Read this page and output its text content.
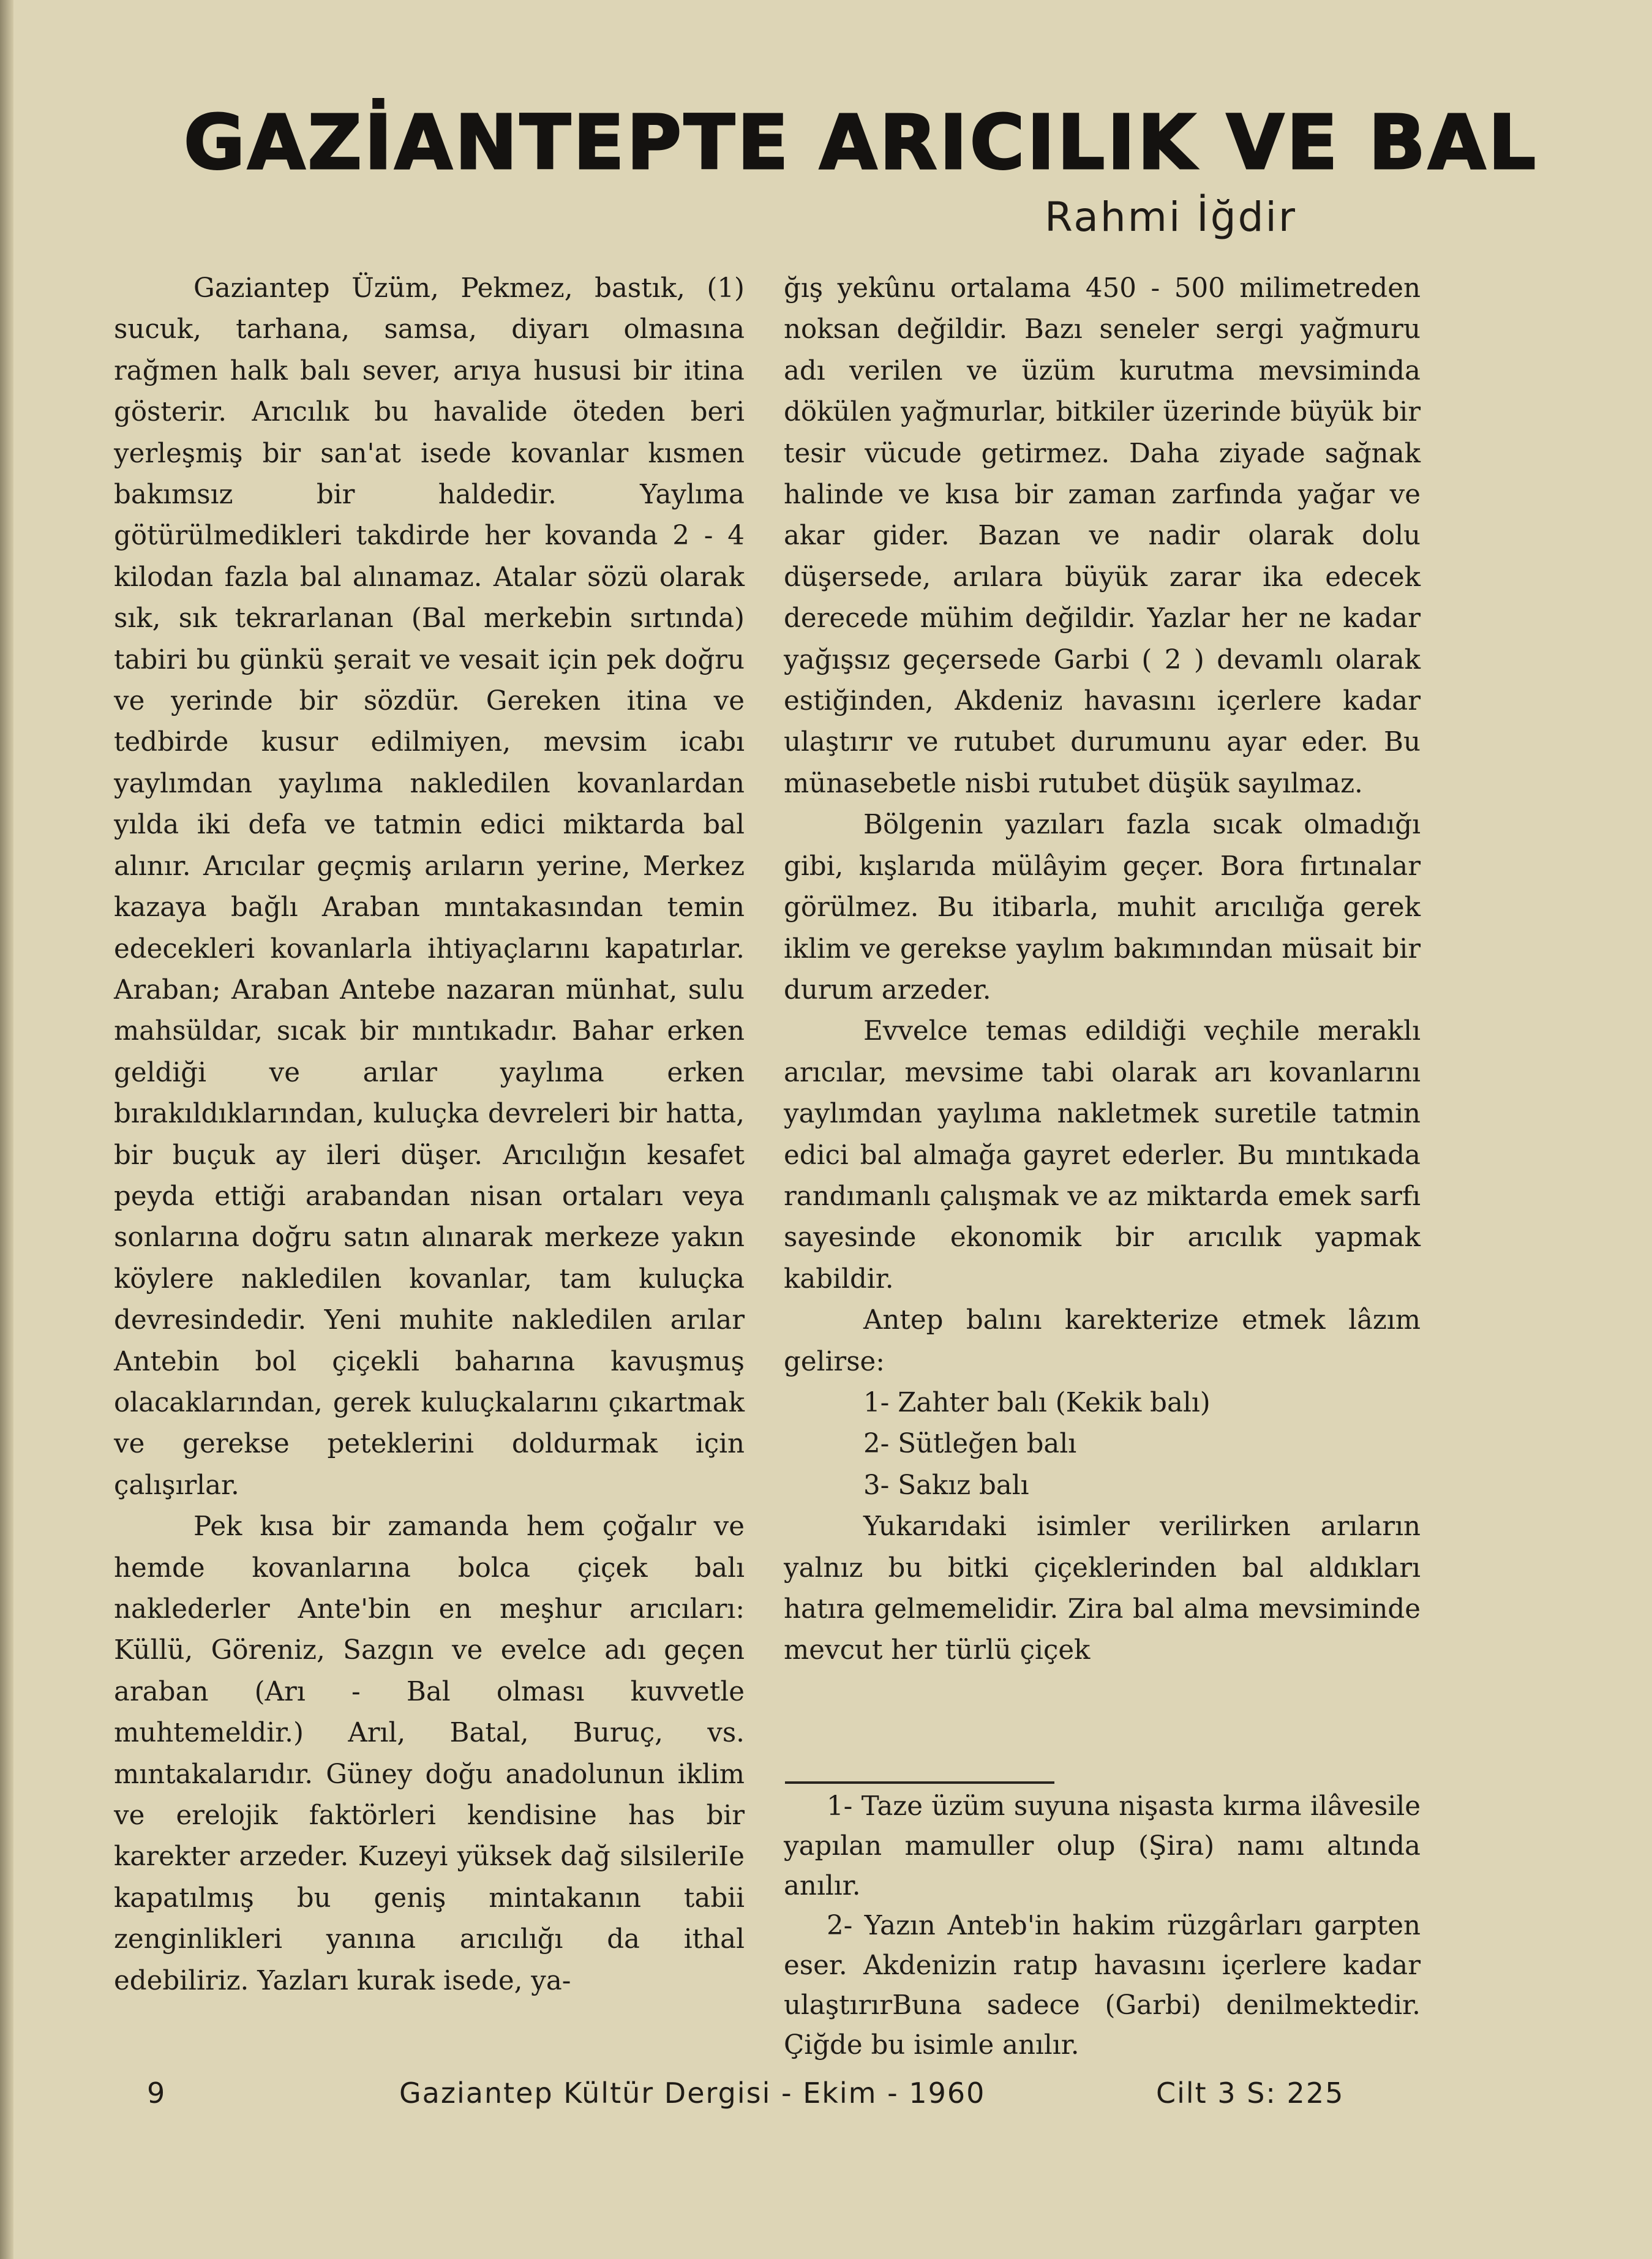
GAZİANTEPTE ARICILIK VE BAL
Rahmi İğdir

Gaziantep Üzüm, Pekmez, bastık, (1) sucuk, tarhana, samsa, diyarı olmasına rağmen halk balı sever, arıya hususi bir itina gösterir. Arıcılık bu havalide öteden beri yerleşmiş bir san'at isede kovanlar kısmen bakımsız bir haldedir. Yaylıma götürülmedikleri takdirde her kovanda 2 - 4 kilodan fazla bal alınamaz. Atalar sözü olarak sık, sık tekrarlanan (Bal merkebin sırtında) tabiri bu günkü şerait ve vesait için pek doğru ve yerinde bir sözdür. Gereken itina ve tedbirde kusur edilmiyen, mevsim icabı yaylımdan yaylıma nakledilen kovanlardan yılda iki defa ve tatmin edici miktarda bal alınır. Arıcılar geçmiş arıların yerine, Merkez kazaya bağlı Araban mıntakasından temin edecekleri kovanlarla ihtiyaçlarını kapatırlar. Araban; Araban Antebe nazaran münhat, sulu mahsüldar, sıcak bir mıntıkadır. Bahar erken geldiği ve arılar yaylıma erken bırakıldıklarından, kuluçka devreleri bir hatta, bir buçuk ay ileri düşer. Arıcılığın kesafet peyda ettiği arabandan nisan ortaları veya sonlarına doğru satın alınarak merkeze yakın köylere nakledilen kovanlar, tam kuluçka devresindedir. Yeni muhite nakledilen arılar Antebin bol çiçekli baharına kavuşmuş olacaklarından, gerek kuluçkalarını çıkartmak ve gerekse peteklerini doldurmak için çalışırlar.

Pek kısa bir zamanda hem çoğalır ve hemde kovanlarına bolca çiçek balı naklederler Ante'bin en meşhur arıcıları: Küllü, Göreniz, Sazgın ve evelce adı geçen araban (Arı - Bal olması kuvvetle muhtemeldir.) Arıl, Batal, Buruç, vs. mıntakalarıdır. Güney doğu anadolunun iklim ve erelojik faktörleri kendisine has bir karekter arzeder. Kuzeyi yüksek dağ silsileriIe kapatılmış bu geniş mintakanın tabii zenginlikleri yanına arıcılığı da ithal edebiliriz. Yazları kurak isede, ya-

ğış yekûnu ortalama 450 - 500 milimetreden noksan değildir. Bazı seneler sergi yağmuru adı verilen ve üzüm kurutma mevsiminda dökülen yağmurlar, bitkiler üzerinde büyük bir tesir vücude getirmez. Daha ziyade sağnak halinde ve kısa bir zaman zarfında yağar ve akar gider. Bazan ve nadir olarak dolu düşersede, arılara büyük zarar ika edecek derecede mühim değildir. Yazlar her ne kadar yağışsız geçersede Garbi ( 2 ) devamlı olarak estiğinden, Akdeniz havasını içerlere kadar ulaştırır ve rutubet durumunu ayar eder. Bu münasebetle nisbi rutubet düşük sayılmaz.

Bölgenin yazıları fazla sıcak olmadığı gibi, kışlarıda mülâyim geçer. Bora fırtınalar görülmez. Bu itibarla, muhit arıcılığa gerek iklim ve gerekse yaylım bakımından müsait bir durum arzeder.

Evvelce temas edildiği veçhile meraklı arıcılar, mevsime tabi olarak arı kovanlarını yaylımdan yaylıma nakletmek suretile tatmin edici bal almağa gayret ederler. Bu mıntıkada randımanlı çalışmak ve az miktarda emek sarfı sayesinde ekonomik bir arıcılık yapmak kabildir.

Antep balını karekterize etmek lâzım gelirse:

1- Zahter balı (Kekik balı)
2- Sütleğen balı
3- Sakız balı

Yukarıdaki isimler verilirken arıların yalnız bu bitki çiçeklerinden bal aldıkları hatıra gelmemelidir. Zira bal alma mevsiminde mevcut her türlü çiçek

1- Taze üzüm suyuna nişasta kırma ilâvesile yapılan mamuller olup (Şira) namı altında anılır.

2- Yazın Anteb'in hakim rüzgârları garpten eser. Akdenizin ratıp havasını içerlere kadar ulaştırırBuna sadece (Garbi) denilmektedir. Çiğde bu isimle anılır.

9	Gaziantep Kültür Dergisi - Ekim - 1960	Cilt 3 S: 225
